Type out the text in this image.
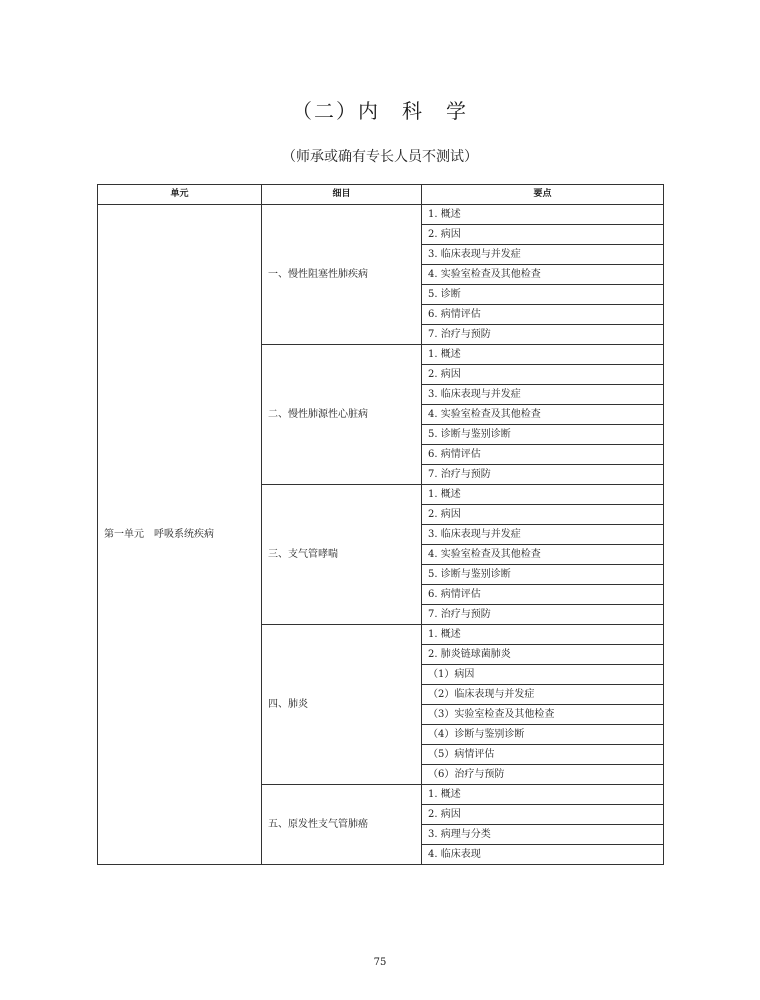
（二）内　科　学
（师承或确有专长人员不测试）
单元	细目	要点
第一单元　呼吸系统疾病	一、慢性阻塞性肺疾病	1. 概述
		2. 病因
		3. 临床表现与并发症
		4. 实验室检查及其他检查
		5. 诊断
		6. 病情评估
		7. 治疗与预防
	二、慢性肺源性心脏病	1. 概述
		2. 病因
		3. 临床表现与并发症
		4. 实验室检查及其他检查
		5. 诊断与鉴别诊断
		6. 病情评估
		7. 治疗与预防
	三、支气管哮喘	1. 概述
		2. 病因
		3. 临床表现与并发症
		4. 实验室检查及其他检查
		5. 诊断与鉴别诊断
		6. 病情评估
		7. 治疗与预防
	四、肺炎	1. 概述
		2. 肺炎链球菌肺炎
		（1）病因
		（2）临床表现与并发症
		（3）实验室检查及其他检查
		（4）诊断与鉴别诊断
		（5）病情评估
		（6）治疗与预防
	五、原发性支气管肺癌	1. 概述
		2. 病因
		3. 病理与分类
		4. 临床表现
75
